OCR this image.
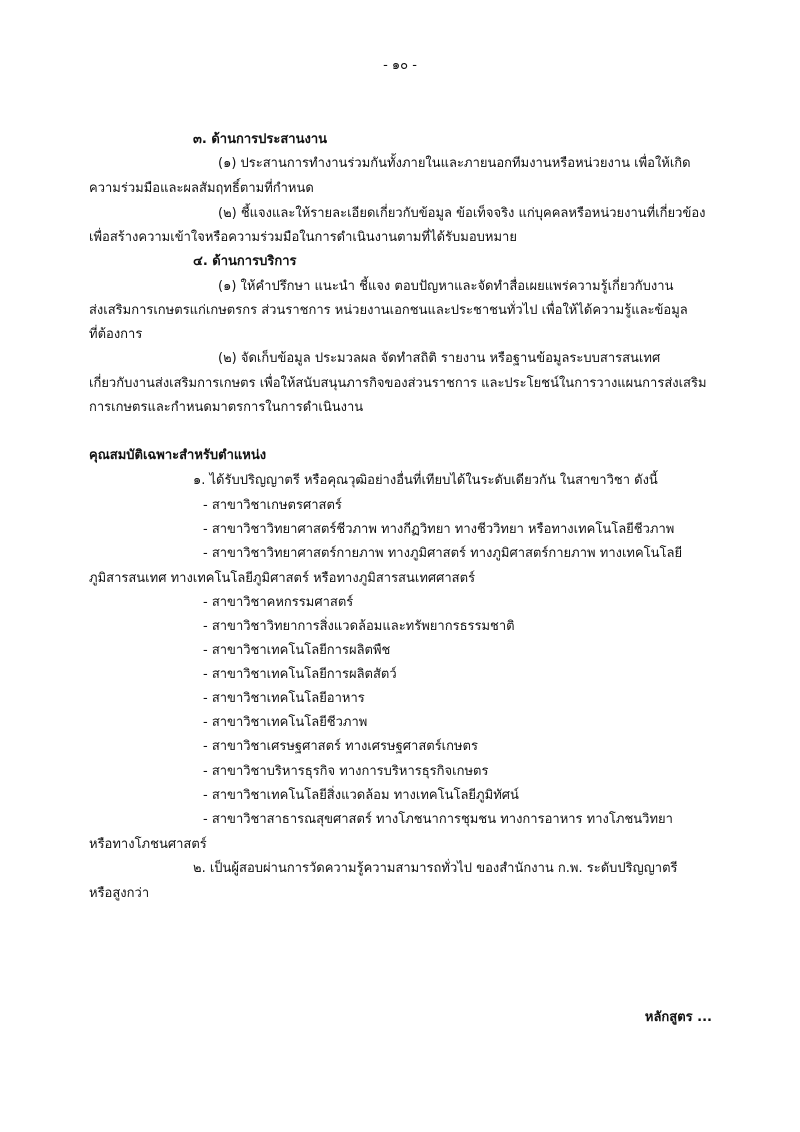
- ๑๐ -
๓. ด้านการประสานงาน
(๑) ประสานการทำงานร่วมกันทั้งภายในและภายนอกทีมงานหรือหน่วยงาน เพื่อให้เกิด
ความร่วมมือและผลสัมฤทธิ์ตามที่กำหนด
(๒) ชี้แจงและให้รายละเอียดเกี่ยวกับข้อมูล ข้อเท็จจริง แก่บุคคลหรือหน่วยงานที่เกี่ยวข้อง
เพื่อสร้างความเข้าใจหรือความร่วมมือในการดำเนินงานตามที่ได้รับมอบหมาย
๔. ด้านการบริการ
(๑) ให้คำปรึกษา แนะนำ ชี้แจง ตอบปัญหาและจัดทำสื่อเผยแพร่ความรู้เกี่ยวกับงาน
ส่งเสริมการเกษตรแก่เกษตรกร ส่วนราชการ หน่วยงานเอกชนและประชาชนทั่วไป เพื่อให้ได้ความรู้และข้อมูล
ที่ต้องการ
(๒) จัดเก็บข้อมูล ประมวลผล จัดทำสถิติ รายงาน หรือฐานข้อมูลระบบสารสนเทศ
เกี่ยวกับงานส่งเสริมการเกษตร เพื่อให้สนับสนุนภารกิจของส่วนราชการ และประโยชน์ในการวางแผนการส่งเสริม
การเกษตรและกำหนดมาตรการในการดำเนินงาน
คุณสมบัติเฉพาะสำหรับตำแหน่ง
๑. ได้รับปริญญาตรี หรือคุณวุฒิอย่างอื่นที่เทียบได้ในระดับเดียวกัน ในสาขาวิชา ดังนี้
- สาขาวิชาเกษตรศาสตร์
- สาขาวิชาวิทยาศาสตร์ชีวภาพ ทางกีฏวิทยา ทางชีววิทยา หรือทางเทคโนโลยีชีวภาพ
- สาขาวิชาวิทยาศาสตร์กายภาพ ทางภูมิศาสตร์ ทางภูมิศาสตร์กายภาพ ทางเทคโนโลยี
ภูมิสารสนเทศ ทางเทคโนโลยีภูมิศาสตร์ หรือทางภูมิสารสนเทศศาสตร์
- สาขาวิชาคหกรรมศาสตร์
- สาขาวิชาวิทยาการสิ่งแวดล้อมและทรัพยากรธรรมชาติ
- สาขาวิชาเทคโนโลยีการผลิตพืช
- สาขาวิชาเทคโนโลยีการผลิตสัตว์
- สาขาวิชาเทคโนโลยีอาหาร
- สาขาวิชาเทคโนโลยีชีวภาพ
- สาขาวิชาเศรษฐศาสตร์ ทางเศรษฐศาสตร์เกษตร
- สาขาวิชาบริหารธุรกิจ ทางการบริหารธุรกิจเกษตร
- สาขาวิชาเทคโนโลยีสิ่งแวดล้อม ทางเทคโนโลยีภูมิทัศน์
- สาขาวิชาสาธารณสุขศาสตร์ ทางโภชนาการชุมชน ทางการอาหาร ทางโภชนวิทยา
หรือทางโภชนศาสตร์
๒. เป็นผู้สอบผ่านการวัดความรู้ความสามารถทั่วไป ของสำนักงาน ก.พ. ระดับปริญญาตรี
หรือสูงกว่า
หลักสูตร ...
